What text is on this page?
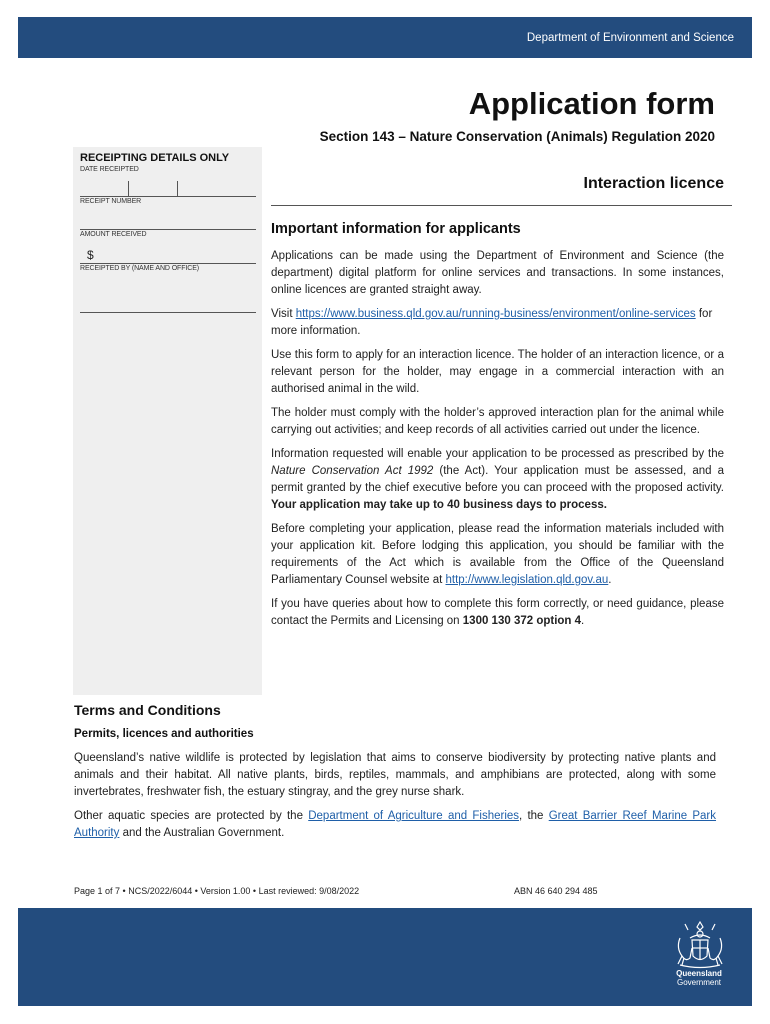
Department of Environment and Science
Application form
Section 143 – Nature Conservation (Animals) Regulation 2020
RECEIPTING DETAILS ONLY
DATE RECEIPTED
RECEIPT NUMBER
AMOUNT RECEIVED
$
RECEIPTED BY (NAME AND OFFICE)
Interaction licence
Important information for applicants

Applications can be made using the Department of Environment and Science (the department) digital platform for online services and transactions. In some instances, online licences are granted straight away.

Visit https://www.business.qld.gov.au/running-business/environment/online-services for more information.

Use this form to apply for an interaction licence. The holder of an interaction licence, or a relevant person for the holder, may engage in a commercial interaction with an authorised animal in the wild.

The holder must comply with the holder’s approved interaction plan for the animal while carrying out activities; and keep records of all activities carried out under the licence.

Information requested will enable your application to be processed as prescribed by the Nature Conservation Act 1992 (the Act). Your application must be assessed, and a permit granted by the chief executive before you can proceed with the proposed activity. Your application may take up to 40 business days to process.

Before completing your application, please read the information materials included with your application kit. Before lodging this application, you should be familiar with the requirements of the Act which is available from the Office of the Queensland Parliamentary Counsel website at http://www.legislation.qld.gov.au.

If you have queries about how to complete this form correctly, or need guidance, please contact the Permits and Licensing on 1300 130 372 option 4.

Terms and Conditions
Permits, licences and authorities

Queensland’s native wildlife is protected by legislation that aims to conserve biodiversity by protecting native plants and animals and their habitat. All native plants, birds, reptiles, mammals, and amphibians are protected, along with some invertebrates, freshwater fish, the estuary stingray, and the grey nurse shark.

Other aquatic species are protected by the Department of Agriculture and Fisheries, the Great Barrier Reef Marine Park Authority and the Australian Government.

Page 1 of 7 • NCS/2022/6044 • Version 1.00 • Last reviewed: 9/08/2022	ABN 46 640 294 485
Queensland
Government
